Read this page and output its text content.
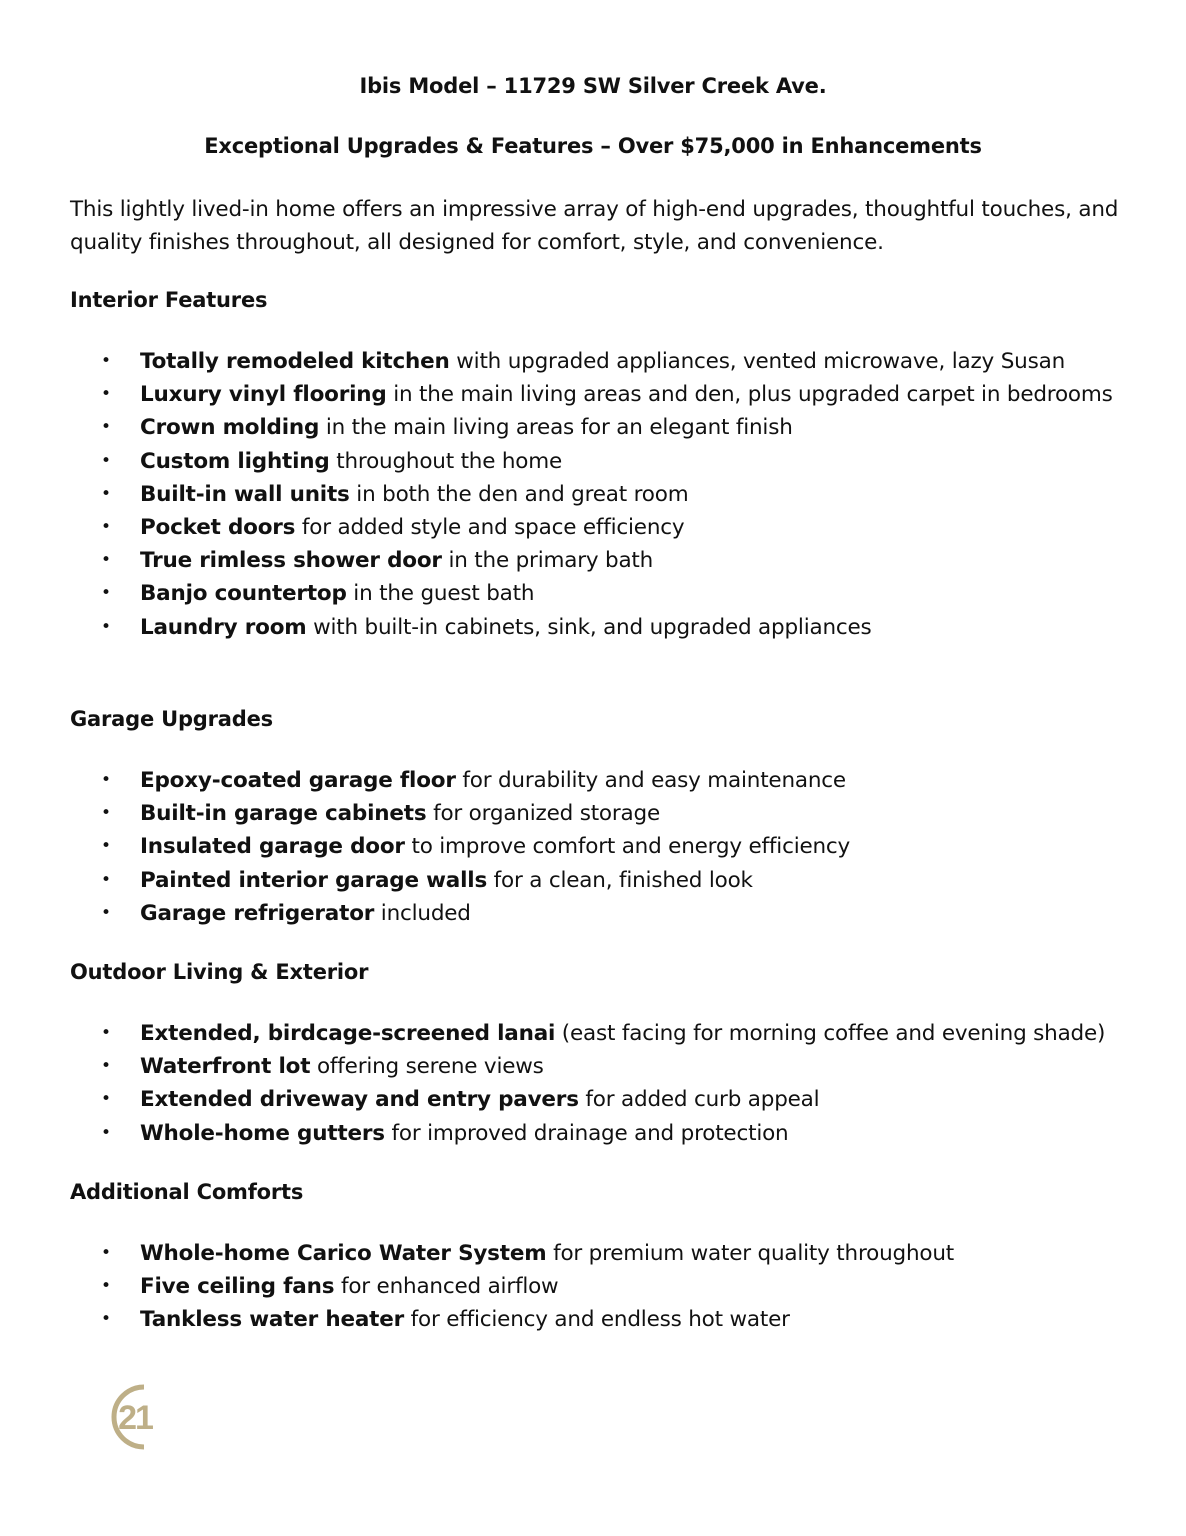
Ibis Model – 11729 SW Silver Creek Ave.
Exceptional Upgrades & Features – Over $75,000 in Enhancements
This lightly lived-in home offers an impressive array of high-end upgrades, thoughtful touches, and quality finishes throughout, all designed for comfort, style, and convenience.
Interior Features
• Totally remodeled kitchen with upgraded appliances, vented microwave, lazy Susan
• Luxury vinyl flooring in the main living areas and den, plus upgraded carpet in bedrooms
• Crown molding in the main living areas for an elegant finish
• Custom lighting throughout the home
• Built-in wall units in both the den and great room
• Pocket doors for added style and space efficiency
• True rimless shower door in the primary bath
• Banjo countertop in the guest bath
• Laundry room with built-in cabinets, sink, and upgraded appliances
Garage Upgrades
• Epoxy-coated garage floor for durability and easy maintenance
• Built-in garage cabinets for organized storage
• Insulated garage door to improve comfort and energy efficiency
• Painted interior garage walls for a clean, finished look
• Garage refrigerator included
Outdoor Living & Exterior
• Extended, birdcage-screened lanai (east facing for morning coffee and evening shade)
• Waterfront lot offering serene views
• Extended driveway and entry pavers for added curb appeal
• Whole-home gutters for improved drainage and protection
Additional Comforts
• Whole-home Carico Water System for premium water quality throughout
• Five ceiling fans for enhanced airflow
• Tankless water heater for efficiency and endless hot water
21
